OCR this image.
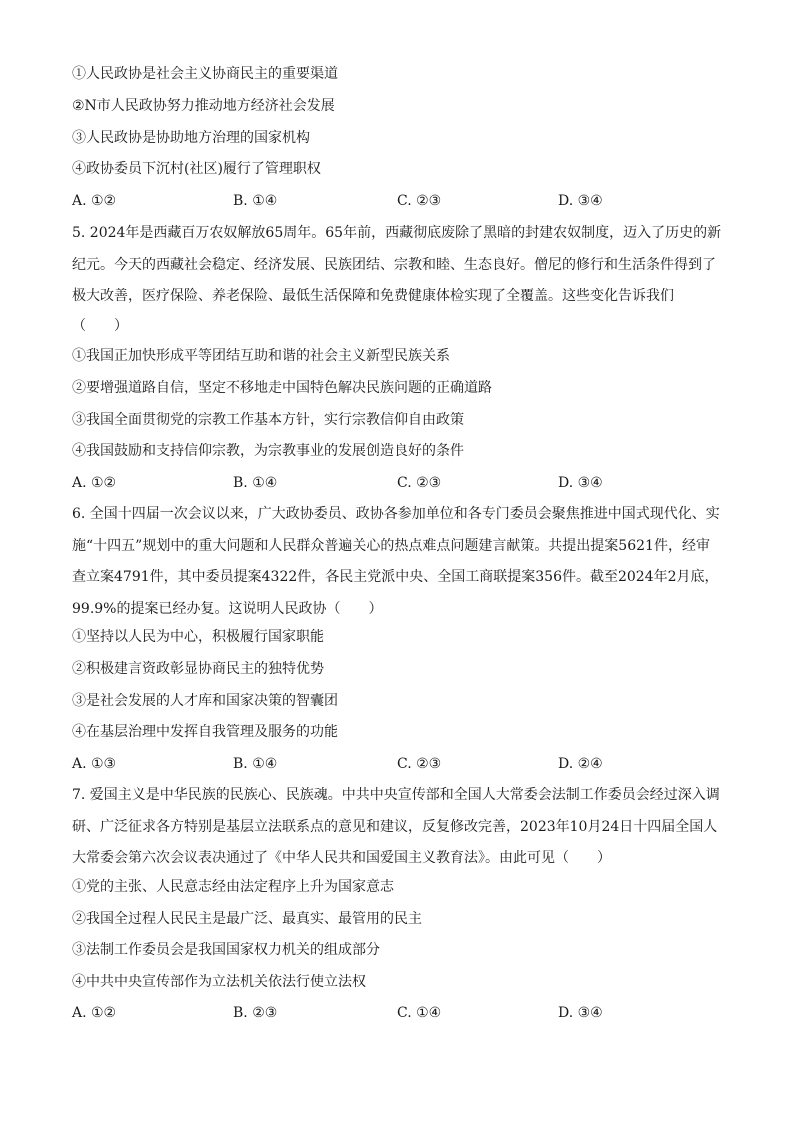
①人民政协是社会主义协商民主的重要渠道
②N市人民政协努力推动地方经济社会发展
③人民政协是协助地方治理的国家机构
④政协委员下沉村(社区)履行了管理职权
A. ①②	B. ①④	C. ②③	D. ③④
5. 2024年是西藏百万农奴解放65周年。65年前，西藏彻底废除了黑暗的封建农奴制度，迈入了历史的新纪元。今天的西藏社会稳定、经济发展、民族团结、宗教和睦、生态良好。僧尼的修行和生活条件得到了极大改善，医疗保险、养老保险、最低生活保障和免费健康体检实现了全覆盖。这些变化告诉我们
（　　）
①我国正加快形成平等团结互助和谐的社会主义新型民族关系
②要增强道路自信，坚定不移地走中国特色解决民族问题的正确道路
③我国全面贯彻党的宗教工作基本方针，实行宗教信仰自由政策
④我国鼓励和支持信仰宗教，为宗教事业的发展创造良好的条件
A. ①②	B. ①④	C. ②③	D. ③④
6. 全国十四届一次会议以来，广大政协委员、政协各参加单位和各专门委员会聚焦推进中国式现代化、实施“十四五”规划中的重大问题和人民群众普遍关心的热点难点问题建言献策。共提出提案5621件，经审查立案4791件，其中委员提案4322件，各民主党派中央、全国工商联提案356件。截至2024年2月底，99.9%的提案已经办复。这说明人民政协（　　）
①坚持以人民为中心，积极履行国家职能
②积极建言资政彰显协商民主的独特优势
③是社会发展的人才库和国家决策的智囊团
④在基层治理中发挥自我管理及服务的功能
A. ①③	B. ①④	C. ②③	D. ②④
7. 爱国主义是中华民族的民族心、民族魂。中共中央宣传部和全国人大常委会法制工作委员会经过深入调研、广泛征求各方特别是基层立法联系点的意见和建议，反复修改完善，2023年10月24日十四届全国人大常委会第六次会议表决通过了《中华人民共和国爱国主义教育法》。由此可见（　　）
①党的主张、人民意志经由法定程序上升为国家意志
②我国全过程人民民主是最广泛、最真实、最管用的民主
③法制工作委员会是我国国家权力机关的组成部分
④中共中央宣传部作为立法机关依法行使立法权
A. ①②	B. ②③	C. ①④	D. ③④
